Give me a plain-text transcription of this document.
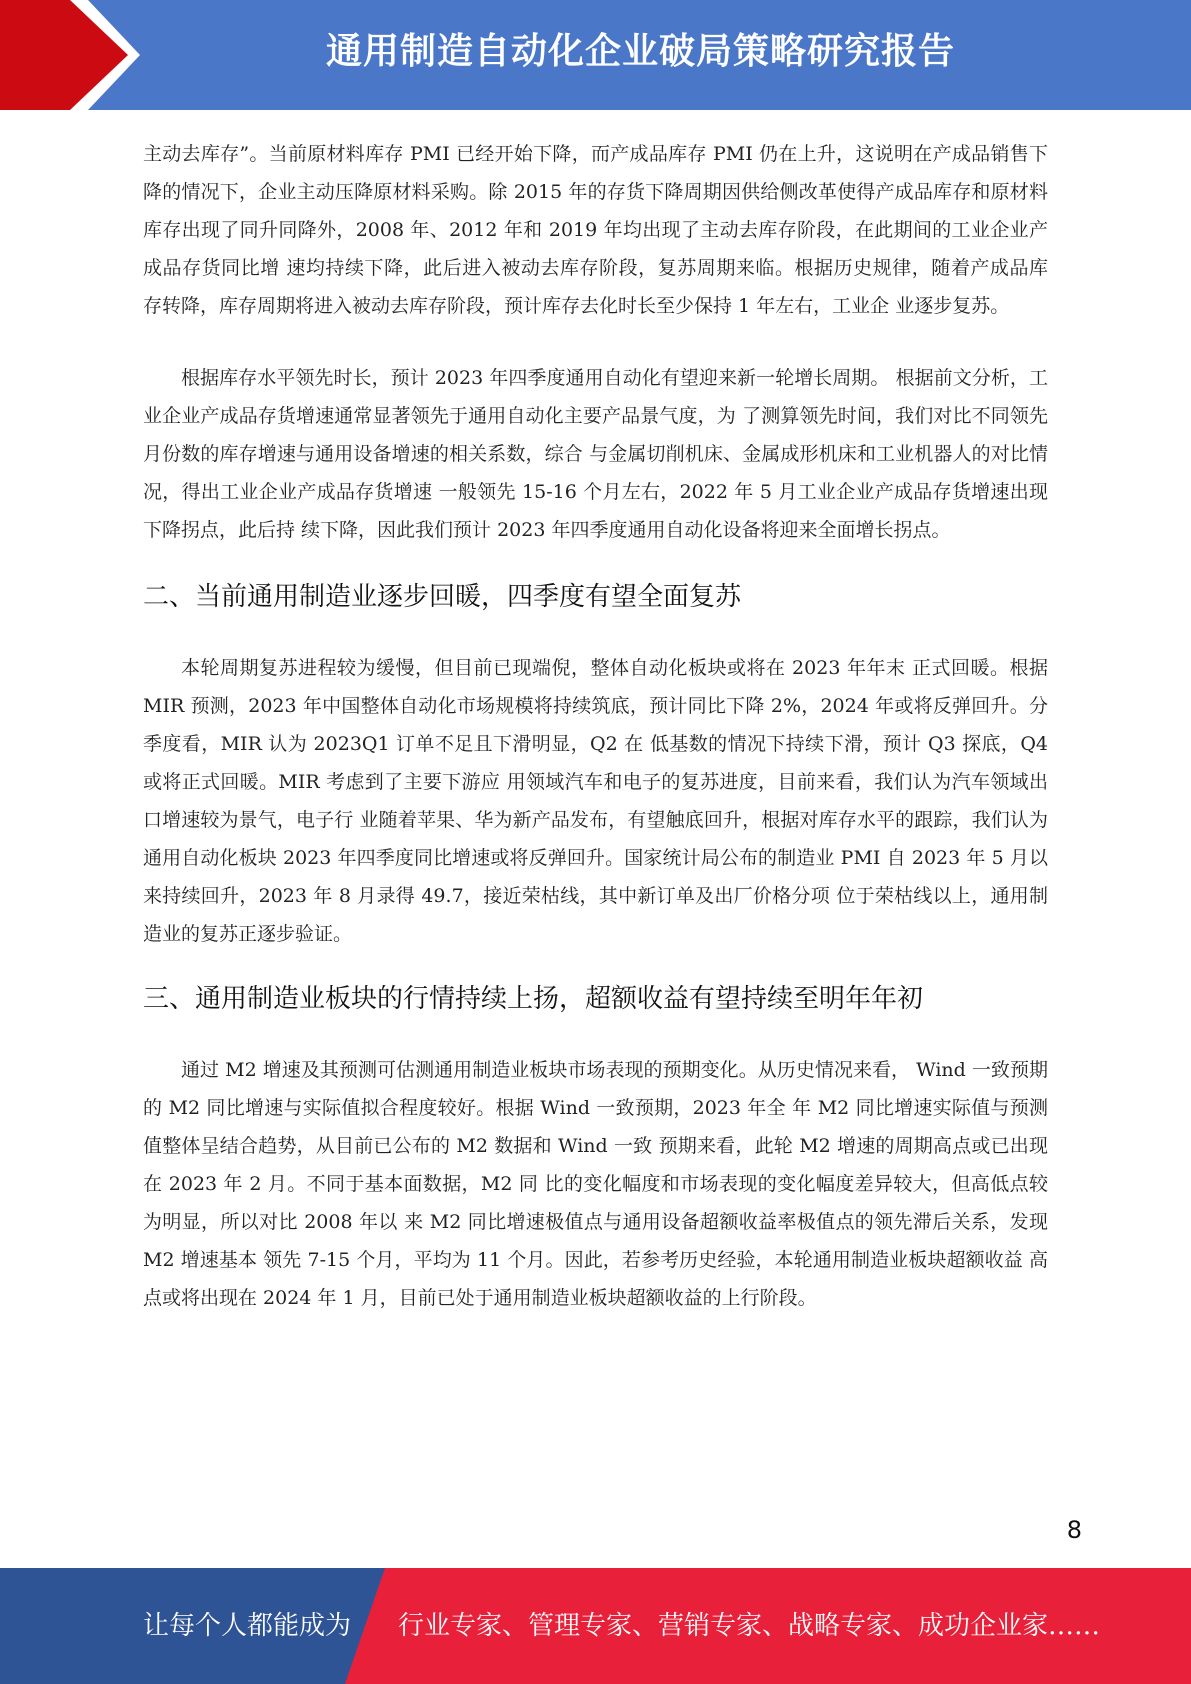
通用制造自动化企业破局策略研究报告

主动去库存”。当前原材料库存 PMI 已经开始下降，而产成品库存 PMI 仍在上升，这说明在产成品销售下降的情况下，企业主动压降原材料采购。除 2015 年的存货下降周期因供给侧改革使得产成品库存和原材料库存出现了同升同降外，2008 年、2012 年和 2019 年均出现了主动去库存阶段，在此期间的工业企业产成品存货同比增 速均持续下降，此后进入被动去库存阶段，复苏周期来临。根据历史规律，随着产成品库 存转降，库存周期将进入被动去库存阶段，预计库存去化时长至少保持 1 年左右，工业企 业逐步复苏。

根据库存水平领先时长，预计 2023 年四季度通用自动化有望迎来新一轮增长周期。 根据前文分析，工业企业产成品存货增速通常显著领先于通用自动化主要产品景气度，为 了测算领先时间，我们对比不同领先月份数的库存增速与通用设备增速的相关系数，综合 与金属切削机床、金属成形机床和工业机器人的对比情况，得出工业企业产成品存货增速 一般领先 15-16 个月左右，2022 年 5 月工业企业产成品存货增速出现下降拐点，此后持 续下降，因此我们预计 2023 年四季度通用自动化设备将迎来全面增长拐点。

二、当前通用制造业逐步回暖，四季度有望全面复苏

本轮周期复苏进程较为缓慢，但目前已现端倪，整体自动化板块或将在 2023 年年末 正式回暖。根据 MIR 预测，2023 年中国整体自动化市场规模将持续筑底，预计同比下降 2%，2024 年或将反弹回升。分季度看，MIR 认为 2023Q1 订单不足且下滑明显，Q2 在 低基数的情况下持续下滑，预计 Q3 探底，Q4 或将正式回暖。MIR 考虑到了主要下游应 用领域汽车和电子的复苏进度，目前来看，我们认为汽车领域出口增速较为景气，电子行 业随着苹果、华为新产品发布，有望触底回升，根据对库存水平的跟踪，我们认为通用自动化板块 2023 年四季度同比增速或将反弹回升。国家统计局公布的制造业 PMI 自 2023 年 5 月以来持续回升，2023 年 8 月录得 49.7，接近荣枯线，其中新订单及出厂价格分项 位于荣枯线以上，通用制造业的复苏正逐步验证。

三、通用制造业板块的行情持续上扬，超额收益有望持续至明年年初

通过 M2 增速及其预测可估测通用制造业板块市场表现的预期变化。从历史情况来看， Wind 一致预期的 M2 同比增速与实际值拟合程度较好。根据 Wind 一致预期，2023 年全 年 M2 同比增速实际值与预测值整体呈结合趋势，从目前已公布的 M2 数据和 Wind 一致 预期来看，此轮 M2 增速的周期高点或已出现在 2023 年 2 月。不同于基本面数据，M2 同 比的变化幅度和市场表现的变化幅度差异较大，但高低点较为明显，所以对比 2008 年以 来 M2 同比增速极值点与通用设备超额收益率极值点的领先滞后关系，发现 M2 增速基本 领先 7-15 个月，平均为 11 个月。因此，若参考历史经验，本轮通用制造业板块超额收益 高点或将出现在 2024 年 1 月，目前已处于通用制造业板块超额收益的上行阶段。

8
让每个人都能成为 行业专家、管理专家、营销专家、战略专家、成功企业家……
